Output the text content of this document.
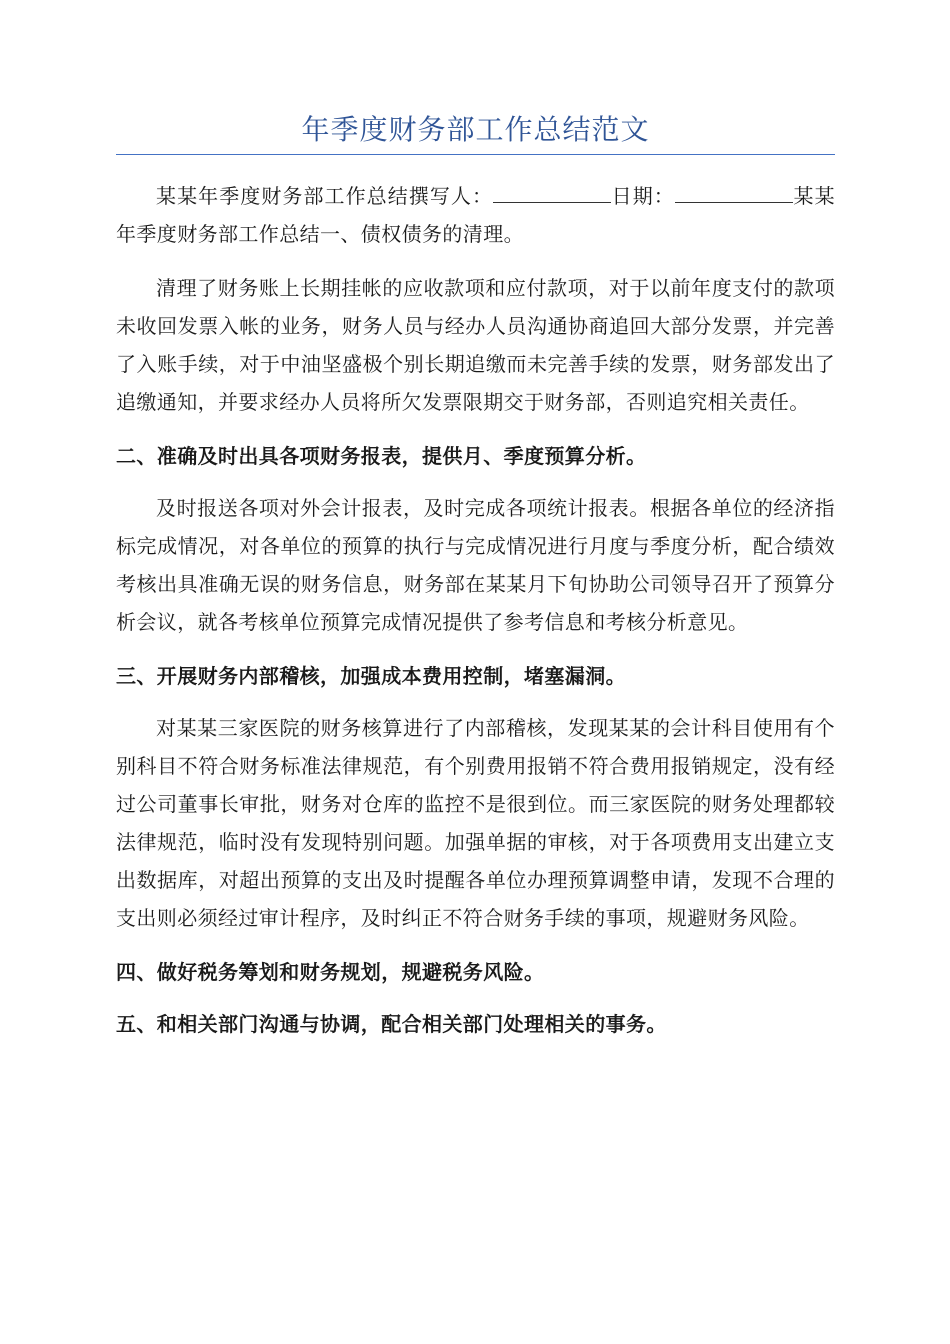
年季度财务部工作总结范文

某某年季度财务部工作总结撰写人：	日期：	某某年季度财务部工作总结一、债权债务的清理。

清理了财务账上长期挂帐的应收款项和应付款项，对于以前年度支付的款项未收回发票入帐的业务，财务人员与经办人员沟通协商追回大部分发票，并完善了入账手续，对于中油坚盛极个别长期追缴而未完善手续的发票，财务部发出了追缴通知，并要求经办人员将所欠发票限期交于财务部，否则追究相关责任。

二、准确及时出具各项财务报表，提供月、季度预算分析。

及时报送各项对外会计报表，及时完成各项统计报表。根据各单位的经济指标完成情况，对各单位的预算的执行与完成情况进行月度与季度分析，配合绩效考核出具准确无误的财务信息，财务部在某某月下旬协助公司领导召开了预算分析会议，就各考核单位预算完成情况提供了参考信息和考核分析意见。

三、开展财务内部稽核，加强成本费用控制，堵塞漏洞。

对某某三家医院的财务核算进行了内部稽核，发现某某的会计科目使用有个别科目不符合财务标准法律规范，有个别费用报销不符合费用报销规定，没有经过公司董事长审批，财务对仓库的监控不是很到位。而三家医院的财务处理都较法律规范，临时没有发现特别问题。加强单据的审核，对于各项费用支出建立支出数据库，对超出预算的支出及时提醒各单位办理预算调整申请，发现不合理的支出则必须经过审计程序，及时纠正不符合财务手续的事项，规避财务风险。

四、做好税务筹划和财务规划，规避税务风险。
五、和相关部门沟通与协调，配合相关部门处理相关的事务。
